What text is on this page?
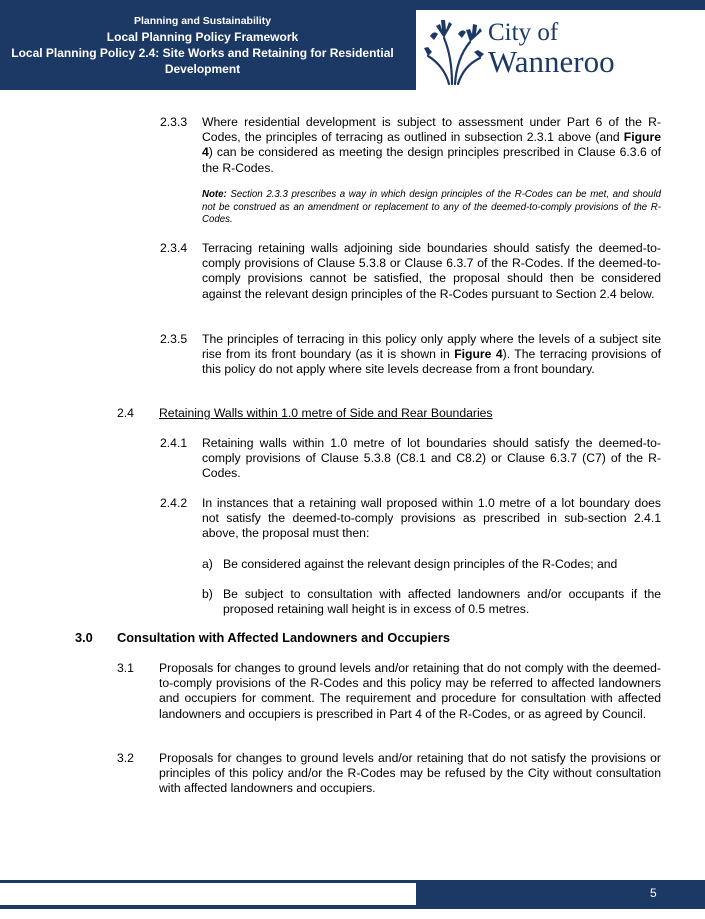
Planning and Sustainability
Local Planning Policy Framework
Local Planning Policy 2.4: Site Works and Retaining for Residential
Development
City of
Wanneroo
2.3.3 Where residential development is subject to assessment under Part 6 of the R-Codes, the principles of terracing as outlined in subsection 2.3.1 above (and Figure 4) can be considered as meeting the design principles prescribed in Clause 6.3.6 of the R-Codes.
Note: Section 2.3.3 prescribes a way in which design principles of the R-Codes can be met, and should not be construed as an amendment or replacement to any of the deemed-to-comply provisions of the R-Codes.
2.3.4 Terracing retaining walls adjoining side boundaries should satisfy the deemed-to-comply provisions of Clause 5.3.8 or Clause 6.3.7 of the R-Codes. If the deemed-to-comply provisions cannot be satisfied, the proposal should then be considered against the relevant design principles of the R-Codes pursuant to Section 2.4 below.
2.3.5 The principles of terracing in this policy only apply where the levels of a subject site rise from its front boundary (as it is shown in Figure 4). The terracing provisions of this policy do not apply where site levels decrease from a front boundary.
2.4 Retaining Walls within 1.0 metre of Side and Rear Boundaries
2.4.1 Retaining walls within 1.0 metre of lot boundaries should satisfy the deemed-to-comply provisions of Clause 5.3.8 (C8.1 and C8.2) or Clause 6.3.7 (C7) of the R-Codes.
2.4.2 In instances that a retaining wall proposed within 1.0 metre of a lot boundary does not satisfy the deemed-to-comply provisions as prescribed in sub-section 2.4.1 above, the proposal must then:
a) Be considered against the relevant design principles of the R-Codes; and
b) Be subject to consultation with affected landowners and/or occupants if the proposed retaining wall height is in excess of 0.5 metres.
3.0 Consultation with Affected Landowners and Occupiers
3.1 Proposals for changes to ground levels and/or retaining that do not comply with the deemed-to-comply provisions of the R-Codes and this policy may be referred to affected landowners and occupiers for comment. The requirement and procedure for consultation with affected landowners and occupiers is prescribed in Part 4 of the R-Codes, or as agreed by Council.
3.2 Proposals for changes to ground levels and/or retaining that do not satisfy the provisions or principles of this policy and/or the R-Codes may be refused by the City without consultation with affected landowners and occupiers.
5
